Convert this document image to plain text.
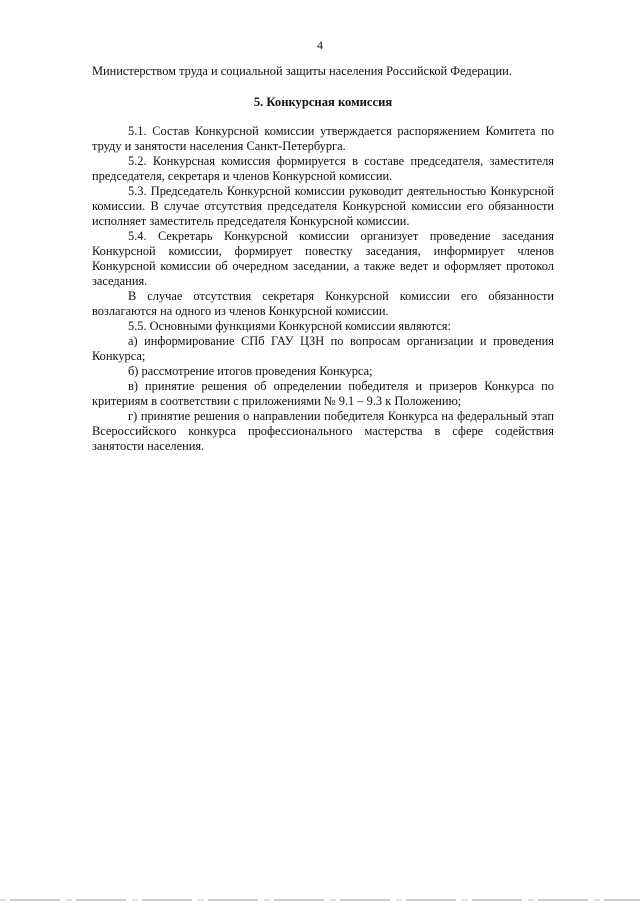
4

Министерством труда и социальной защиты населения Российской Федерации.

5. Конкурсная комиссия

5.1. Состав Конкурсной комиссии утверждается распоряжением Комитета по труду и занятости населения Санкт-Петербурга.

5.2. Конкурсная комиссия формируется в составе председателя, заместителя председателя, секретаря и членов Конкурсной комиссии.

5.3. Председатель Конкурсной комиссии руководит деятельностью Конкурсной комиссии. В случае отсутствия председателя Конкурсной комиссии его обязанности исполняет заместитель председателя Конкурсной комиссии.

5.4. Секретарь Конкурсной комиссии организует проведение заседания Конкурсной комиссии, формирует повестку заседания, информирует членов Конкурсной комиссии об очередном заседании, а также ведет и оформляет протокол заседания.

В случае отсутствия секретаря Конкурсной комиссии его обязанности возлагаются на одного из членов Конкурсной комиссии.

5.5. Основными функциями Конкурсной комиссии являются:

а) информирование СПб ГАУ ЦЗН по вопросам организации и проведения Конкурса;

б) рассмотрение итогов проведения Конкурса;

в) принятие решения об определении победителя и призеров Конкурса по критериям в соответствии с приложениями № 9.1 – 9.3 к Положению;

г) принятие решения о направлении победителя Конкурса на федеральный этап Всероссийского конкурса профессионального мастерства в сфере содействия занятости населения.
